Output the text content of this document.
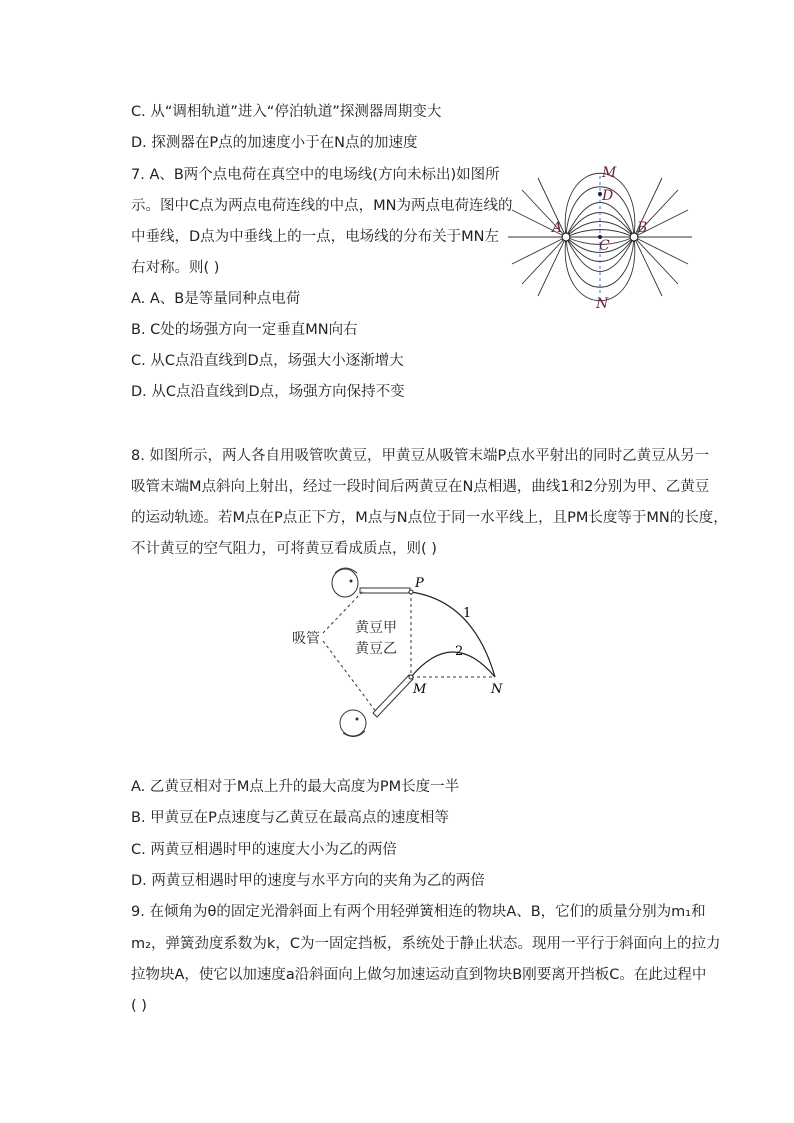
C. 从“调相轨道”进入“停泊轨道”探测器周期变大
D. 探测器在P点的加速度小于在N点的加速度
7. A、B两个点电荷在真空中的电场线(方向未标出)如图所
示。图中C点为两点电荷连线的中点，MN为两点电荷连线的
中垂线，D点为中垂线上的一点，电场线的分布关于MN左
右对称。则( )
A. A、B是等量同种点电荷
B. C处的场强方向一定垂直MN向右
C. 从C点沿直线到D点，场强大小逐渐增大
D. 从C点沿直线到D点，场强方向保持不变
M
D
A	B
C
N
8. 如图所示，两人各自用吸管吹黄豆，甲黄豆从吸管末端P点水平射出的同时乙黄豆从另一
吸管末端M点斜向上射出，经过一段时间后两黄豆在N点相遇，曲线1和2分别为甲、乙黄豆
的运动轨迹。若M点在P点正下方，M点与N点位于同一水平线上，且PM长度等于MN的长度，
不计黄豆的空气阻力，可将黄豆看成质点，则( )
P
M	N
1
2
吸管
黄豆甲
黄豆乙
A. 乙黄豆相对于M点上升的最大高度为PM长度一半
B. 甲黄豆在P点速度与乙黄豆在最高点的速度相等
C. 两黄豆相遇时甲的速度大小为乙的两倍
D. 两黄豆相遇时甲的速度与水平方向的夹角为乙的两倍
9. 在倾角为θ的固定光滑斜面上有两个用轻弹簧相连的物块A、B，它们的质量分别为m₁和
m₂，弹簧劲度系数为k，C为一固定挡板，系统处于静止状态。现用一平行于斜面向上的拉力
拉物块A，使它以加速度a沿斜面向上做匀加速运动直到物块B刚要离开挡板C。在此过程中
( )
